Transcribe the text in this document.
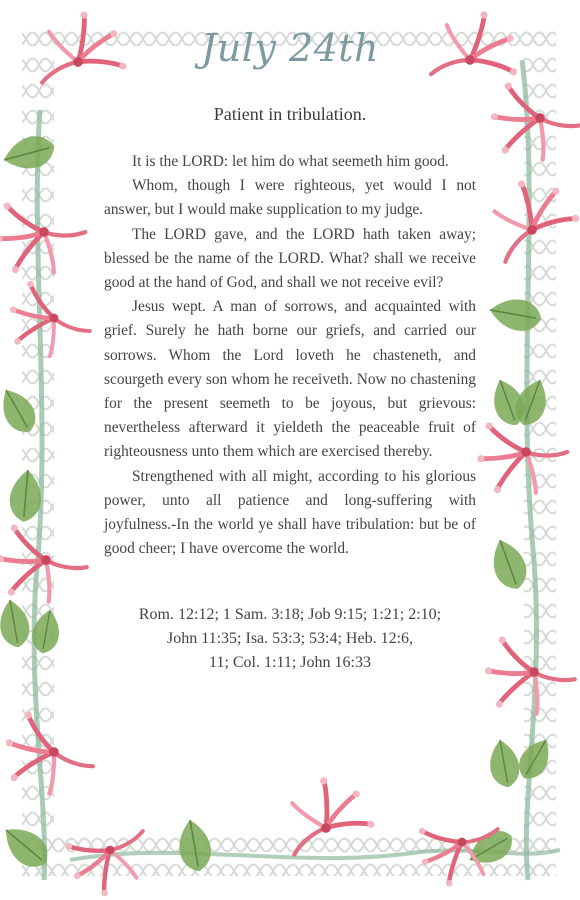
July 24th
Patient in tribulation.

It is the LORD: let him do what seemeth him good.

Whom, though I were righteous, yet would I not answer, but I would make supplication to my judge.

The LORD gave, and the LORD hath taken away; blessed be the name of the LORD. What? shall we receive good at the hand of God, and shall we not receive evil?

Jesus wept. A man of sorrows, and acquainted with grief. Surely he hath borne our griefs, and carried our sorrows. Whom the Lord loveth he chasteneth, and scourgeth every son whom he receiveth. Now no chastening for the present seemeth to be joyous, but grievous: nevertheless afterward it yieldeth the peaceable fruit of righteousness unto them which are exercised thereby.

Strengthened with all might, according to his glorious power, unto all patience and long-suffering with joyfulness.-In the world ye shall have tribulation: but be of good cheer; I have overcome the world.

Rom. 12:12; 1 Sam. 3:18; Job 9:15; 1:21; 2:10;
John 11:35; Isa. 53:3; 53:4; Heb. 12:6,
11; Col. 1:11; John 16:33
